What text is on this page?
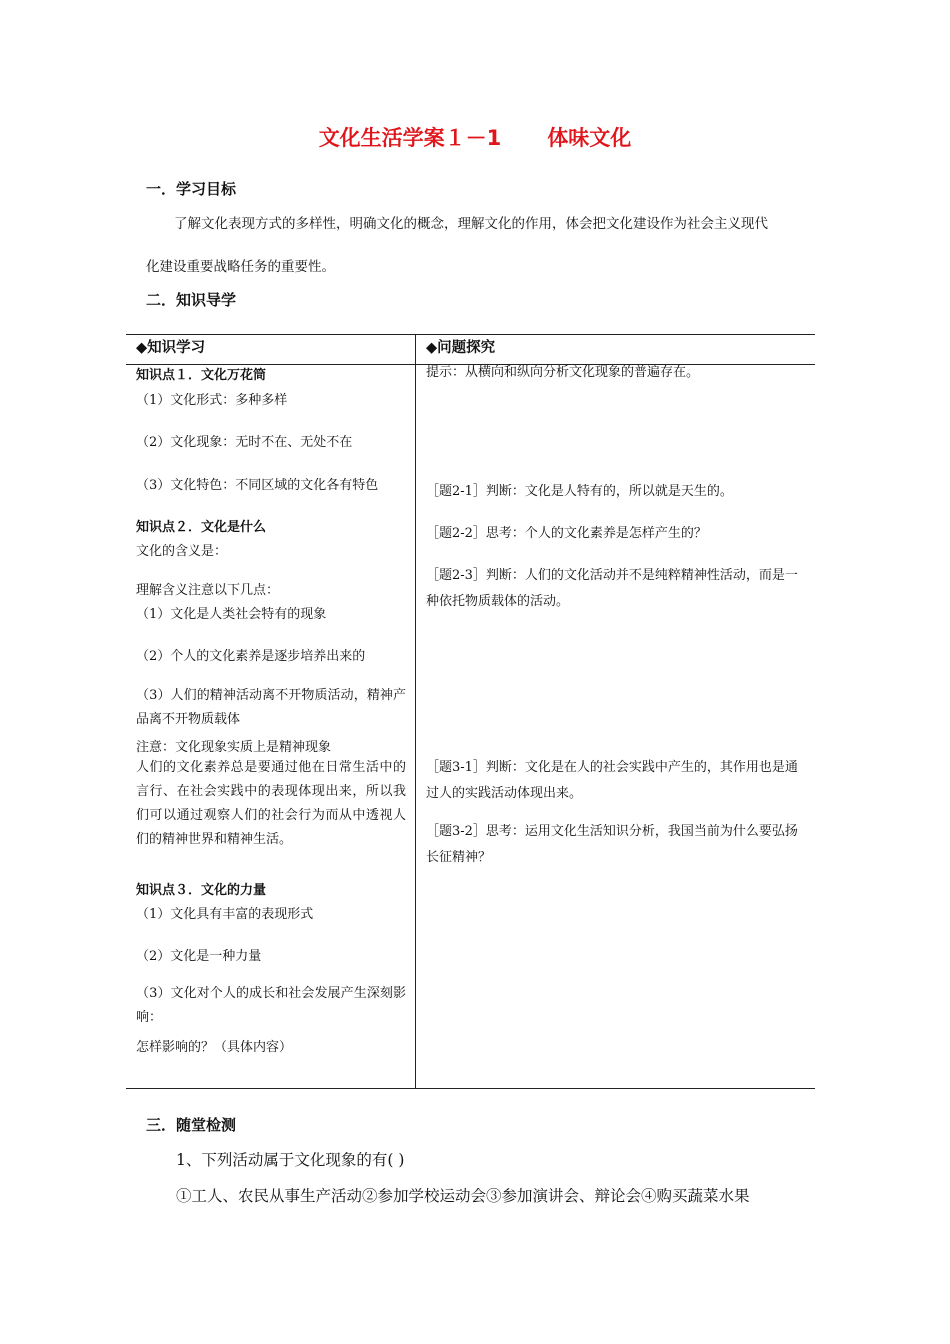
文化生活学案１－1 体味文化
一．学习目标
了解文化表现方式的多样性，明确文化的概念，理解文化的作用，体会把文化建设作为社会主义现代
化建设重要战略任务的重要性。
二．知识导学
◆知识学习	◆问题探究
知识点１．文化万花筒
（1）文化形式：多种多样
（2）文化现象：无时不在、无处不在
（3）文化特色：不同区域的文化各有特色
知识点２．文化是什么
文化的含义是：
理解含义注意以下几点：
（1）文化是人类社会特有的现象
（2）个人的文化素养是逐步培养出来的
（3）人们的精神活动离不开物质活动，精神产品离不开物质载体
注意：文化现象实质上是精神现象
人们的文化素养总是要通过他在日常生活中的言行、在社会实践中的表现体现出来，所以我们可以通过观察人们的社会行为而从中透视人们的精神世界和精神生活。
知识点３．文化的力量
（1）文化具有丰富的表现形式
（2）文化是一种力量
（3）文化对个人的成长和社会发展产生深刻影响：
怎样影响的？（具体内容）
提示：从横向和纵向分析文化现象的普遍存在。
［题2-1］判断：文化是人特有的，所以就是天生的。
［题2-2］思考：个人的文化素养是怎样产生的？
［题2-3］判断：人们的文化活动并不是纯粹精神性活动，而是一种依托物质载体的活动。
［题3-1］判断：文化是在人的社会实践中产生的，其作用也是通过人的实践活动体现出来。
［题3-2］思考：运用文化生活知识分析，我国当前为什么要弘扬长征精神？
三．随堂检测
1、下列活动属于文化现象的有( )
①工人、农民从事生产活动②参加学校运动会③参加演讲会、辩论会④购买蔬菜水果
